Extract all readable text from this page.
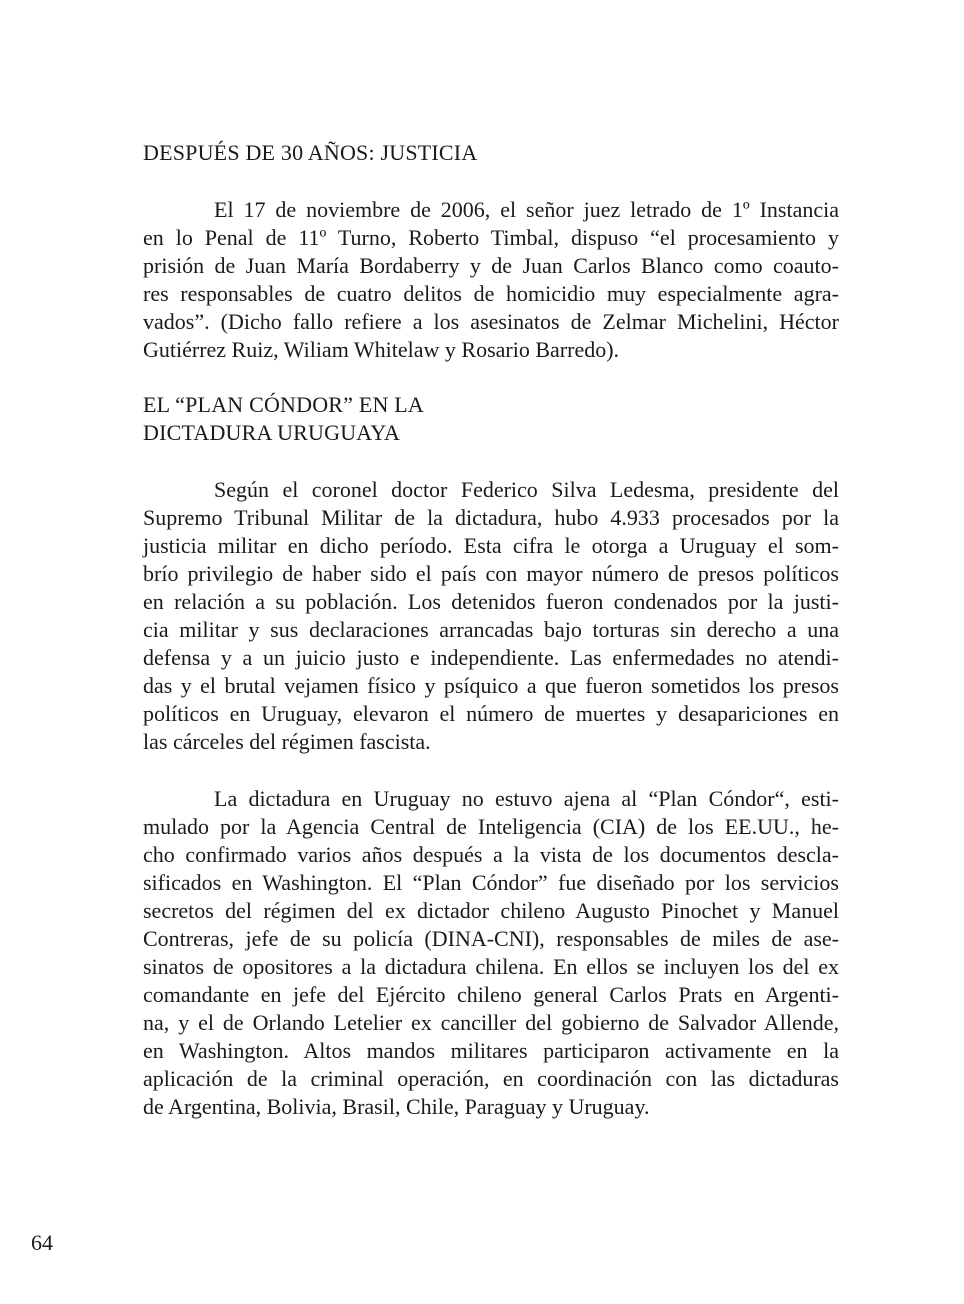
DESPUÉS DE 30 AÑOS: JUSTICIA
El 17 de noviembre de 2006, el señor juez letrado de 1º Instancia
en lo Penal de 11º Turno, Roberto Timbal, dispuso “el procesamiento y
prisión de Juan María Bordaberry y de Juan Carlos Blanco como coauto-
res responsables de cuatro delitos de homicidio muy especialmente agra-
vados”. (Dicho fallo refiere a los asesinatos de Zelmar Michelini, Héctor
Gutiérrez Ruiz, Wiliam Whitelaw y Rosario Barredo).
EL “PLAN CÓNDOR” EN LA
DICTADURA URUGUAYA
Según el coronel doctor Federico Silva Ledesma, presidente del
Supremo Tribunal Militar de la dictadura, hubo 4.933 procesados por la
justicia militar en dicho período. Esta cifra le otorga a Uruguay el som-
brío privilegio de haber sido el país con mayor número de presos políticos
en relación a su población. Los detenidos fueron condenados por la justi-
cia militar y sus declaraciones arrancadas bajo torturas sin derecho a una
defensa y a un juicio justo e independiente. Las enfermedades no atendi-
das y el brutal vejamen físico y psíquico a que fueron sometidos los presos
políticos en Uruguay, elevaron el número de muertes y desapariciones en
las cárceles del régimen fascista.
La dictadura en Uruguay no estuvo ajena al “Plan Cóndor“, esti-
mulado por la Agencia Central de Inteligencia (CIA) de los EE.UU., he-
cho confirmado varios años después a la vista de los documentos descla-
sificados en Washington. El “Plan Cóndor” fue diseñado por los servicios
secretos del régimen del ex dictador chileno Augusto Pinochet y Manuel
Contreras, jefe de su policía (DINA-CNI), responsables de miles de ase-
sinatos de opositores a la dictadura chilena. En ellos se incluyen los del ex
comandante en jefe del Ejército chileno general Carlos Prats en Argenti-
na, y el de Orlando Letelier ex canciller del gobierno de Salvador Allende,
en Washington. Altos mandos militares participaron activamente en la
aplicación de la criminal operación, en coordinación con las dictaduras
de Argentina, Bolivia, Brasil, Chile, Paraguay y Uruguay.

64
